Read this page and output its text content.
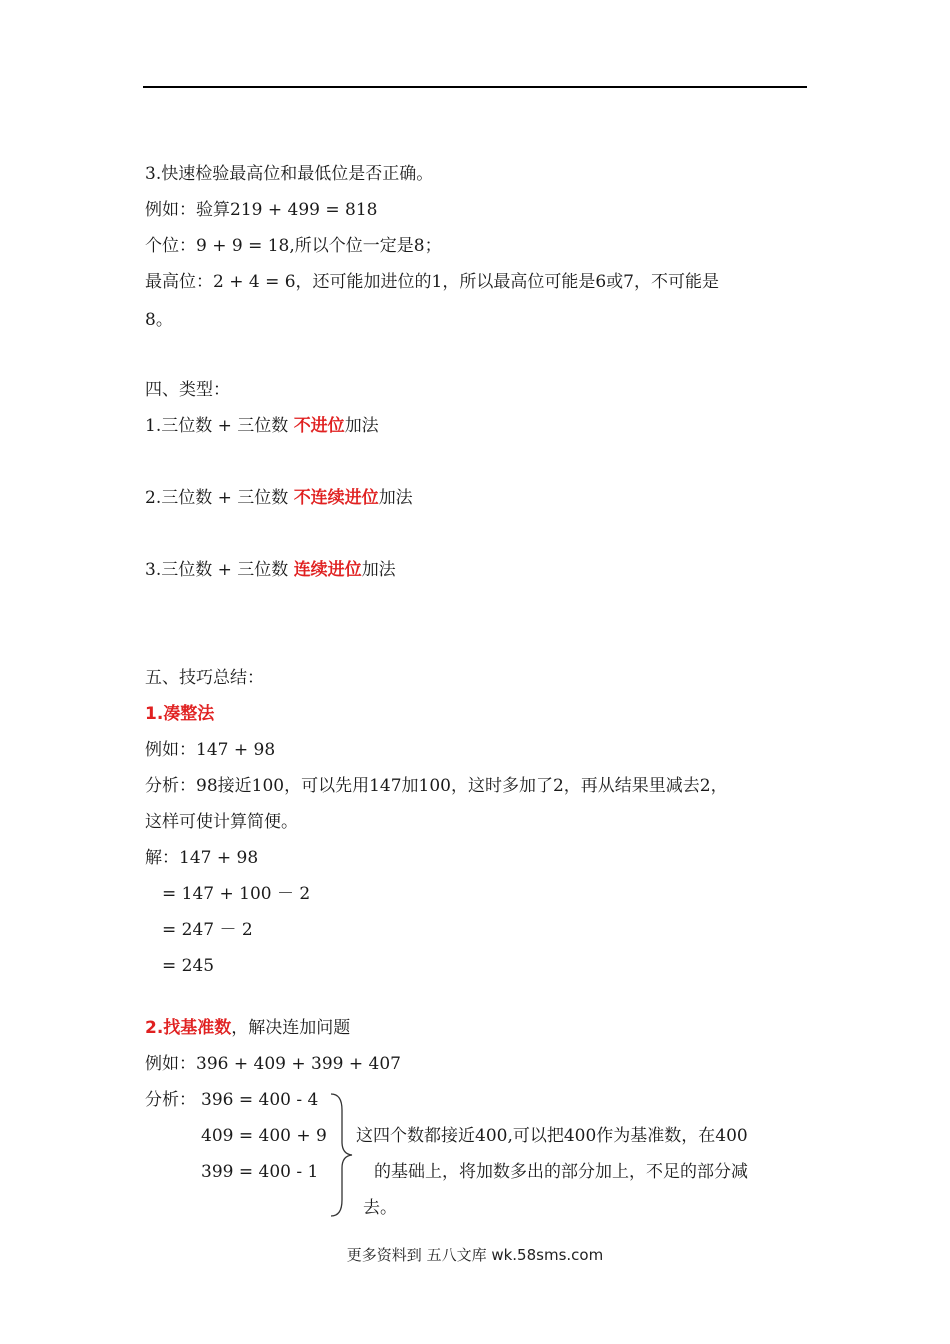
3.快速检验最高位和最低位是否正确。
例如：验算219 + 499 = 818
个位：9 + 9 = 18,所以个位一定是8；
最高位：2 + 4 = 6，还可能加进位的1，所以最高位可能是6或7，不可能是
8。
四、类型：
1.三位数 + 三位数 不进位加法
2.三位数 + 三位数 不连续进位加法
3.三位数 + 三位数 连续进位加法
五、技巧总结：
1.凑整法
例如：147 + 98
分析：98接近100，可以先用147加100，这时多加了2，再从结果里减去2，
这样可使计算简便。
解：147 + 98
= 147 + 100 － 2
= 247 － 2
= 245
2.找基准数，解决连加问题
例如：396 + 409 + 399 + 407
分析： 396 = 400 - 4
409 = 400 + 9
399 = 400 - 1
这四个数都接近400,可以把400作为基准数，在400
的基础上，将加数多出的部分加上，不足的部分减
去。
更多资料到 五八文库 wk.58sms.com
